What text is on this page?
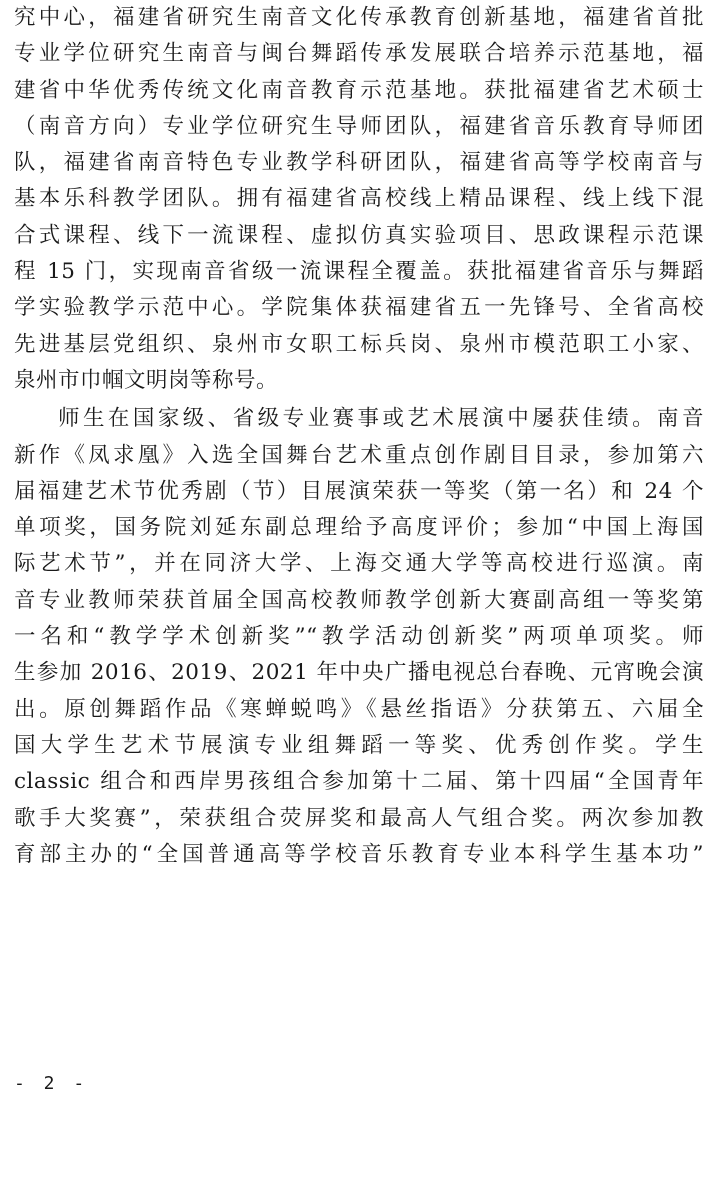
究中心，福建省研究生南音文化传承教育创新基地，福建省首批
专业学位研究生南音与闽台舞蹈传承发展联合培养示范基地，福
建省中华优秀传统文化南音教育示范基地。获批福建省艺术硕士
（南音方向）专业学位研究生导师团队，福建省音乐教育导师团
队，福建省南音特色专业教学科研团队，福建省高等学校南音与
基本乐科教学团队。拥有福建省高校线上精品课程、线上线下混
合式课程、线下一流课程、虚拟仿真实验项目、思政课程示范课
程 15 门，实现南音省级一流课程全覆盖。获批福建省音乐与舞蹈
学实验教学示范中心。学院集体获福建省五一先锋号、全省高校
先进基层党组织、泉州市女职工标兵岗、泉州市模范职工小家、
泉州市巾帼文明岗等称号。
师生在国家级、省级专业赛事或艺术展演中屡获佳绩。南音
新作《凤求凰》入选全国舞台艺术重点创作剧目目录，参加第六
届福建艺术节优秀剧（节）目展演荣获一等奖（第一名）和 24 个
单项奖，国务院刘延东副总理给予高度评价；参加“中国上海国
际艺术节”，并在同济大学、上海交通大学等高校进行巡演。南
音专业教师荣获首届全国高校教师教学创新大赛副高组一等奖第
一名和“教学学术创新奖”“教学活动创新奖”两项单项奖。师
生参加 2016、2019、2021 年中央广播电视总台春晚、元宵晚会演
出。原创舞蹈作品《寒蝉蜕鸣》《悬丝指语》分获第五、六届全
国大学生艺术节展演专业组舞蹈一等奖、优秀创作奖。学生
classic 组合和西岸男孩组合参加第十二届、第十四届“全国青年
歌手大奖赛”，荣获组合荧屏奖和最高人气组合奖。两次参加教
育部主办的“全国普通高等学校音乐教育专业本科学生基本功”
- 2 -
